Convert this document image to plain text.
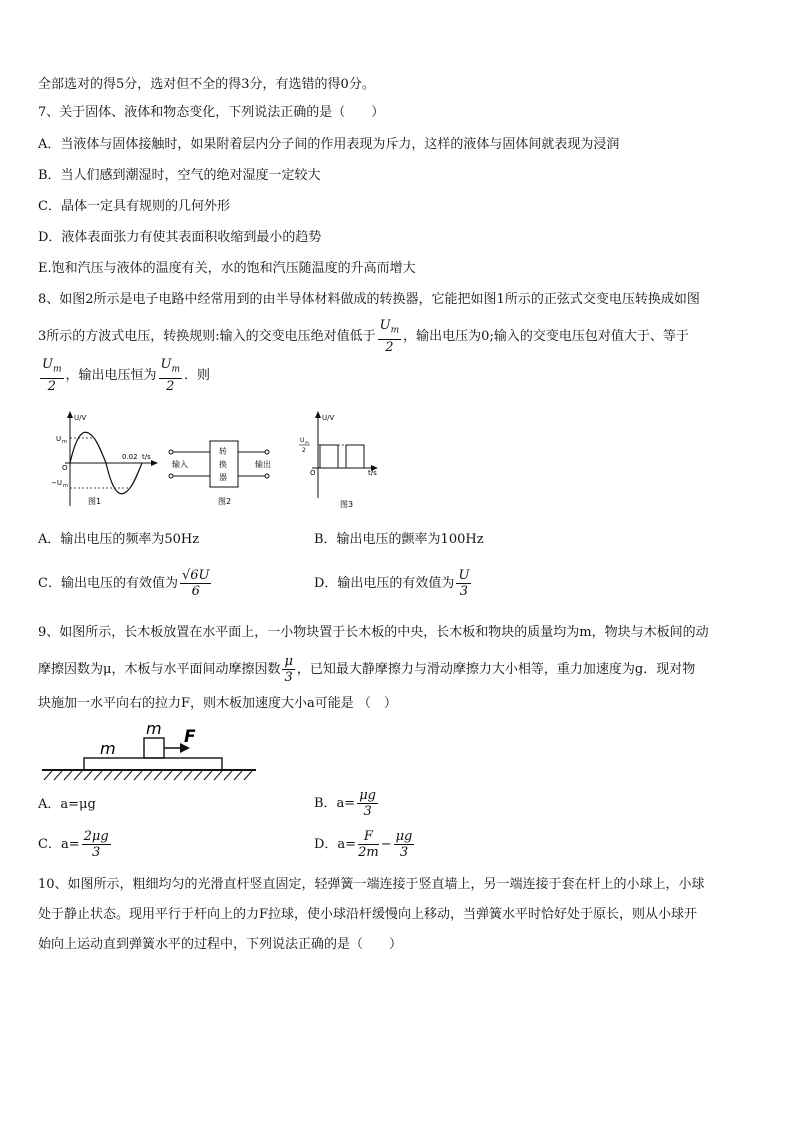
全部选对的得5分，选对但不全的得3分，有选错的得0分。
7、关于固体、液体和物态变化，下列说法正确的是（　　）
A．当液体与固体接触时，如果附着层内分子间的作用表现为斥力，这样的液体与固体间就表现为浸润
B．当人们感到潮湿时，空气的绝对湿度一定较大
C．晶体一定具有规则的几何外形
D．液体表面张力有使其表面积收缩到最小的趋势
E.饱和汽压与液体的温度有关，水的饱和汽压随温度的升高而增大
8、如图2所示是电子电路中经常用到的由半导体材料做成的转换器，它能把如图1所示的正弦式交变电压转换成如图
3所示的方波式电压，转换规则:输入的交变电压绝对值低于 $\frac{U_m}{2}$ ，输出电压为0;输入的交变电压包对值大于、等于
$\frac{U_m}{2}$ ，输出电压恒为 $\frac{U_m}{2}$ ．则
U/V
U m
−U m
O
0.02 t/s
图1
转
换
器
输入	输出
图2
U/V
U m
2
O	t/s
图3
A．输出电压的频率为50Hz	B．输出电压的颤率为100Hz
C．输出电压的有效值为 $\frac{√6U}{6}$	D．输出电压的有效值为 $\frac{U}{3}$
9、如图所示，长木板放置在水平面上，一小物块置于长木板的中央，长木板和物块的质量均为m，物块与木板间的动
摩擦因数为μ，木板与水平面间动摩擦因数 $\frac{\mu}{3}$ ，已知最大静摩擦力与滑动摩擦力大小相等，重力加速度为g．现对物
块施加一水平向右的拉力F，则木板加速度大小a可能是 （　）
m
m
F
A．a=μg	B．$a= \frac{\mu g}{3}$
C．$a= \frac{2\mu g}{3}$	D．$a= \frac{F}{2m} - \frac{\mu g}{3}$
10、如图所示，粗细均匀的光滑直杆竖直固定，轻弹簧一端连接于竖直墙上，另一端连接于套在杆上的小球上，小球
处于静止状态。现用平行于杆向上的力F拉球，使小球沿杆缓慢向上移动，当弹簧水平时恰好处于原长，则从小球开
始向上运动直到弹簧水平的过程中，下列说法正确的是（　　）
